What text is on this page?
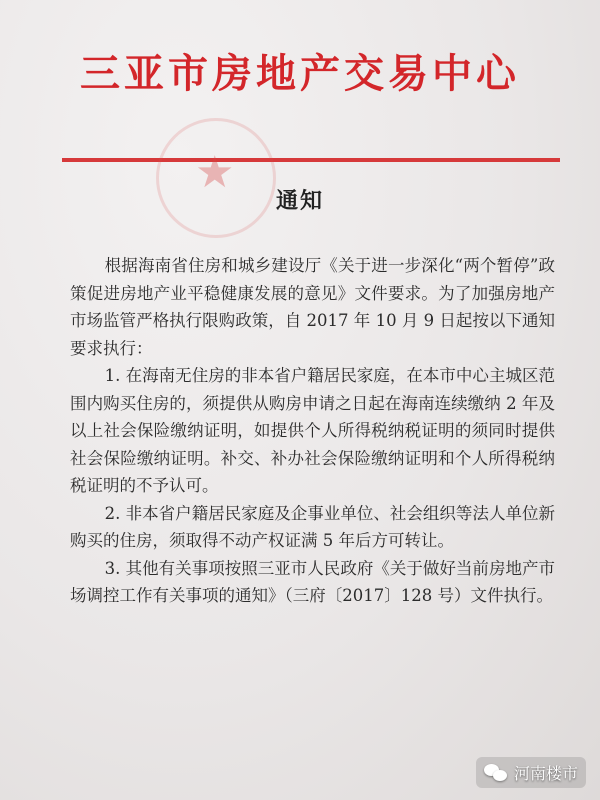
三亚市房地产交易中心
★
通知

根据海南省住房和城乡建设厅《关于进一步深化“两个暂停”政策促进房地产业平稳健康发展的意见》文件要求。为了加强房地产市场监管严格执行限购政策，自 2017 年 10 月 9 日起按以下通知要求执行：

1. 在海南无住房的非本省户籍居民家庭，在本市中心主城区范围内购买住房的，须提供从购房申请之日起在海南连续缴纳 2 年及以上社会保险缴纳证明，如提供个人所得税纳税证明的须同时提供社会保险缴纳证明。补交、补办社会保险缴纳证明和个人所得税纳税证明的不予认可。

2. 非本省户籍居民家庭及企事业单位、社会组织等法人单位新购买的住房，须取得不动产权证满 5 年后方可转让。

3. 其他有关事项按照三亚市人民政府《关于做好当前房地产市场调控工作有关事项的通知》（三府〔2017〕128 号）文件执行。

河南楼市
